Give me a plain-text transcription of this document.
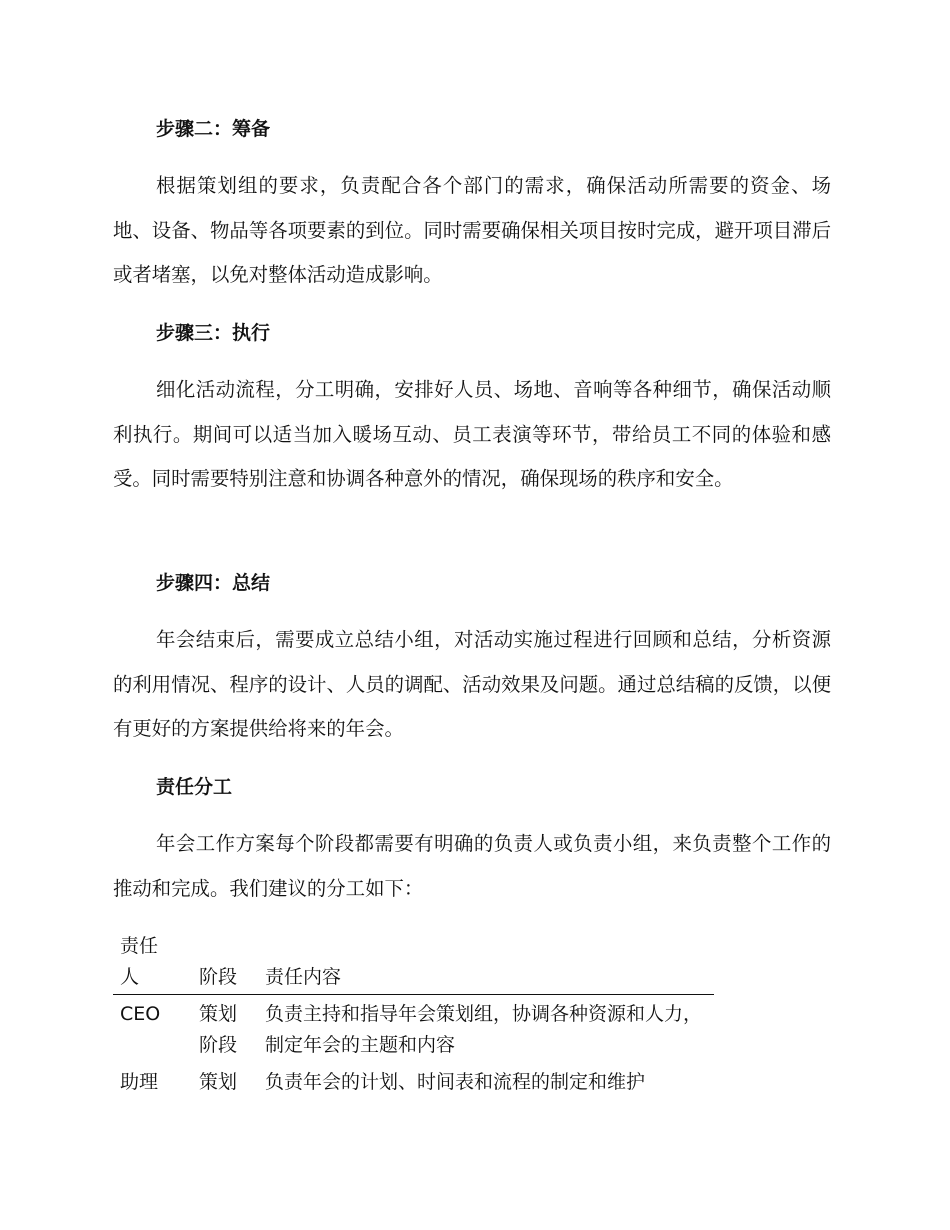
步骤二：筹备
根据策划组的要求，负责配合各个部门的需求，确保活动所需要的资金、场地、设备、物品等各项要素的到位。同时需要确保相关项目按时完成，避开项目滞后或者堵塞，以免对整体活动造成影响。
步骤三：执行
细化活动流程，分工明确，安排好人员、场地、音响等各种细节，确保活动顺利执行。期间可以适当加入暖场互动、员工表演等环节，带给员工不同的体验和感受。同时需要特别注意和协调各种意外的情况，确保现场的秩序和安全。
步骤四：总结
年会结束后，需要成立总结小组，对活动实施过程进行回顾和总结，分析资源的利用情况、程序的设计、人员的调配、活动效果及问题。通过总结稿的反馈，以便有更好的方案提供给将来的年会。
责任分工
年会工作方案每个阶段都需要有明确的负责人或负责小组，来负责整个工作的推动和完成。我们建议的分工如下：
责任人	阶段	责任内容
CEO	策划阶段	负责主持和指导年会策划组，协调各种资源和人力，制定年会的主题和内容
助理	策划	负责年会的计划、时间表和流程的制定和维护
